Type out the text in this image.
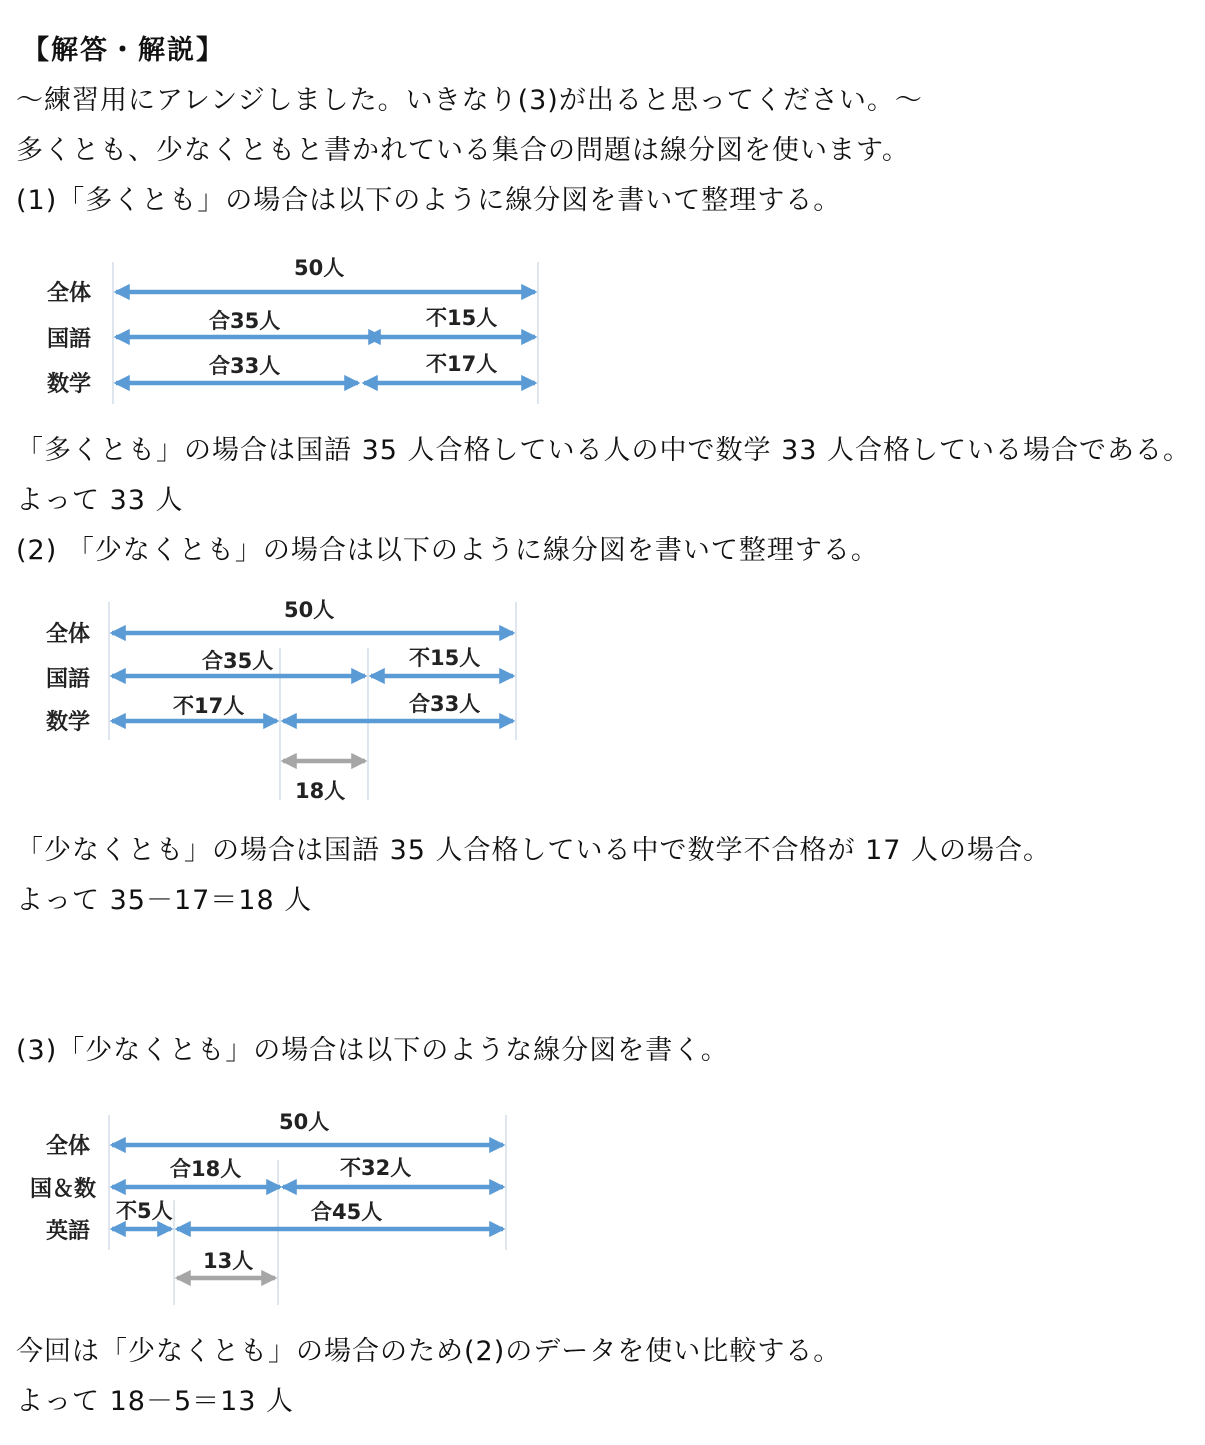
【解答・解説】
～練習用にアレンジしました。いきなり(3)が出ると思ってください。～
多くとも、少なくともと書かれている集合の問題は線分図を使います。
(1)「多くとも」の場合は以下のように線分図を書いて整理する。
「多くとも」の場合は国語 35 人合格している人の中で数学 33 人合格している場合である。
よって 33 人
(2) 「少なくとも」の場合は以下のように線分図を書いて整理する。
「少なくとも」の場合は国語 35 人合格している中で数学不合格が 17 人の場合。
よって 35－17＝18 人
(3)「少なくとも」の場合は以下のような線分図を書く。
今回は「少なくとも」の場合のため(2)のデータを使い比較する。
よって 18－5＝13 人
全体
国語
数学
50人
合35人	不15人
合33人	不17人
全体
国語
数学
50人
合35人	不15人
不17人	合33人
18人
全体
国＆数
英語
50人
合18人	不32人
不5人	合45人
13人
